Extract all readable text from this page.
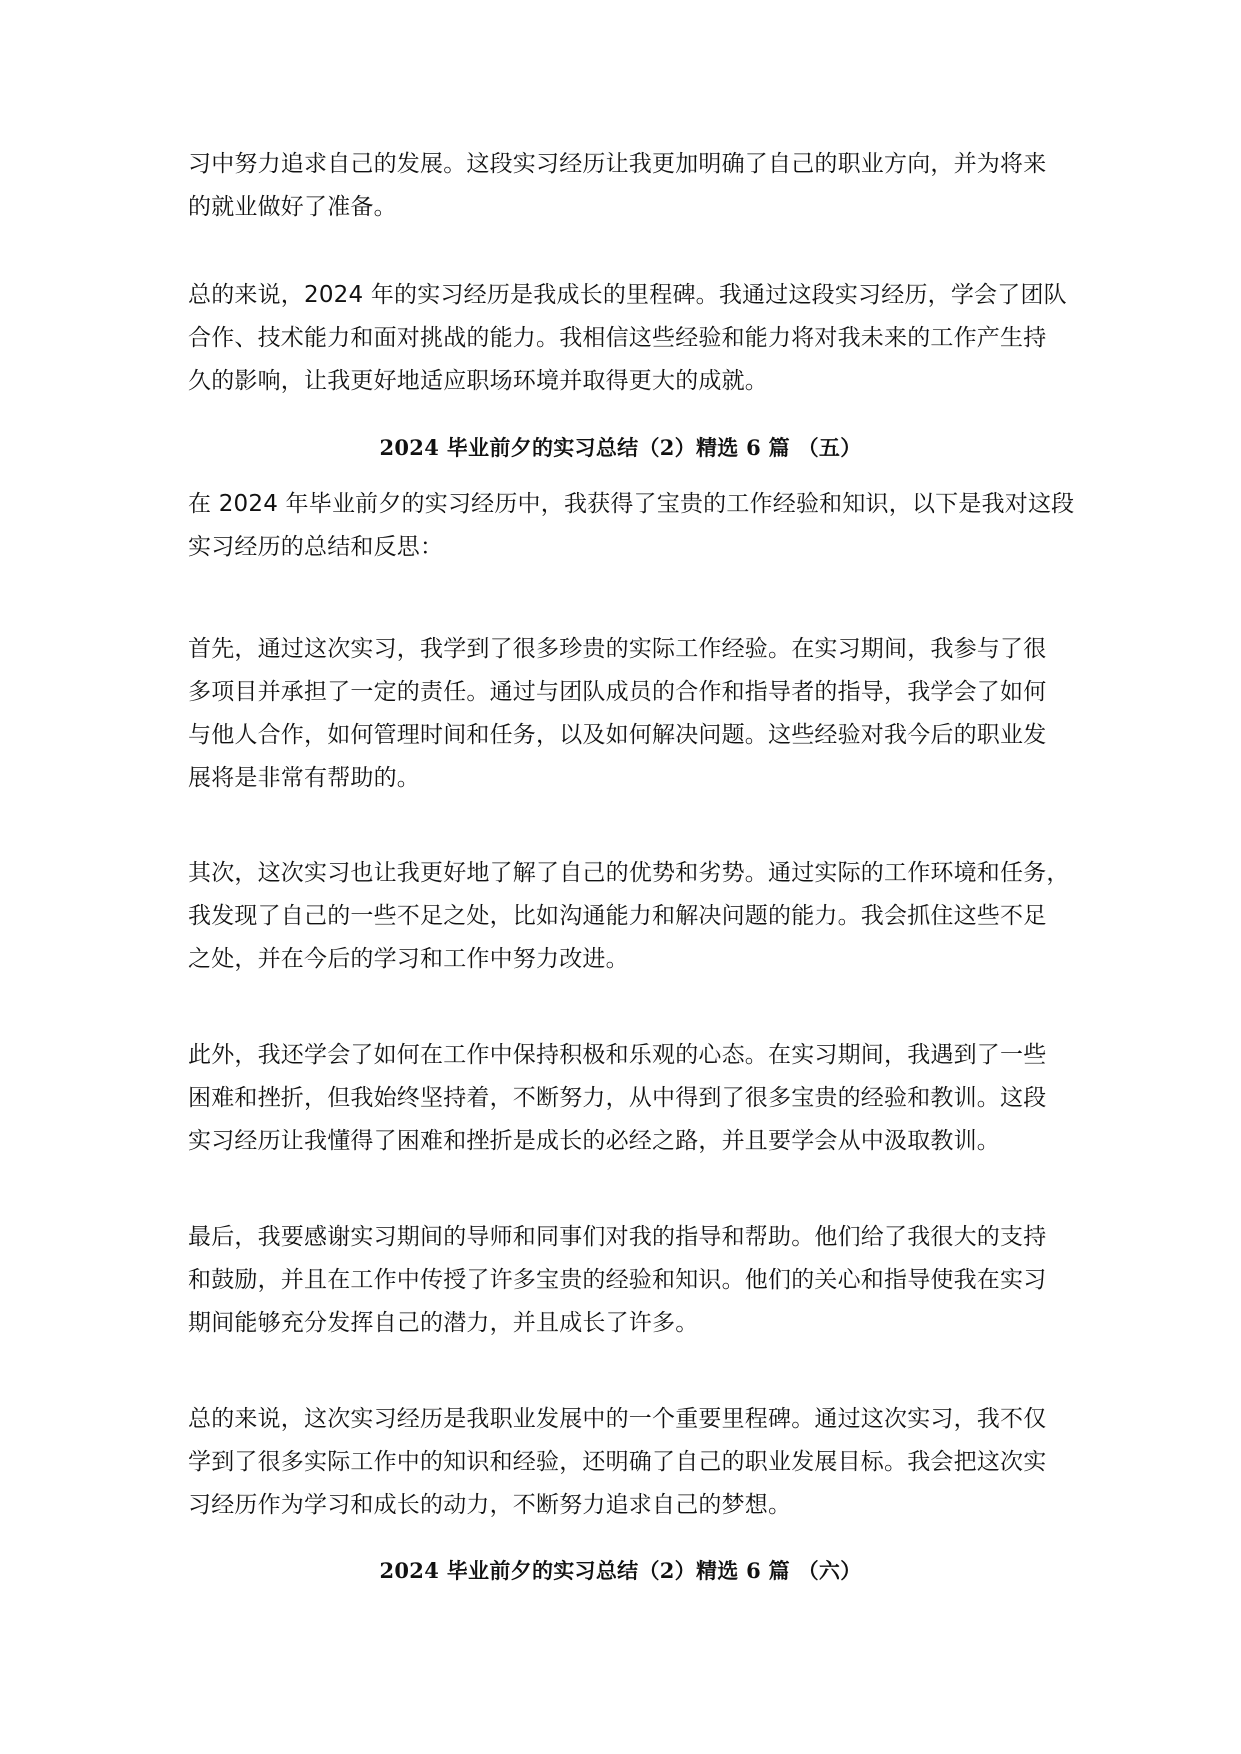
习中努力追求自己的发展。这段实习经历让我更加明确了自己的职业方向，并为将来
的就业做好了准备。

总的来说，2024 年的实习经历是我成长的里程碑。我通过这段实习经历，学会了团队
合作、技术能力和面对挑战的能力。我相信这些经验和能力将对我未来的工作产生持
久的影响，让我更好地适应职场环境并取得更大的成就。

2024 毕业前夕的实习总结（2）精选 6 篇 （五）

在 2024 年毕业前夕的实习经历中，我获得了宝贵的工作经验和知识，以下是我对这段
实习经历的总结和反思：

首先，通过这次实习，我学到了很多珍贵的实际工作经验。在实习期间，我参与了很
多项目并承担了一定的责任。通过与团队成员的合作和指导者的指导，我学会了如何
与他人合作，如何管理时间和任务，以及如何解决问题。这些经验对我今后的职业发
展将是非常有帮助的。

其次，这次实习也让我更好地了解了自己的优势和劣势。通过实际的工作环境和任务，
我发现了自己的一些不足之处，比如沟通能力和解决问题的能力。我会抓住这些不足
之处，并在今后的学习和工作中努力改进。

此外，我还学会了如何在工作中保持积极和乐观的心态。在实习期间，我遇到了一些
困难和挫折，但我始终坚持着，不断努力，从中得到了很多宝贵的经验和教训。这段
实习经历让我懂得了困难和挫折是成长的必经之路，并且要学会从中汲取教训。

最后，我要感谢实习期间的导师和同事们对我的指导和帮助。他们给了我很大的支持
和鼓励，并且在工作中传授了许多宝贵的经验和知识。他们的关心和指导使我在实习
期间能够充分发挥自己的潜力，并且成长了许多。

总的来说，这次实习经历是我职业发展中的一个重要里程碑。通过这次实习，我不仅
学到了很多实际工作中的知识和经验，还明确了自己的职业发展目标。我会把这次实
习经历作为学习和成长的动力，不断努力追求自己的梦想。

2024 毕业前夕的实习总结（2）精选 6 篇 （六）
